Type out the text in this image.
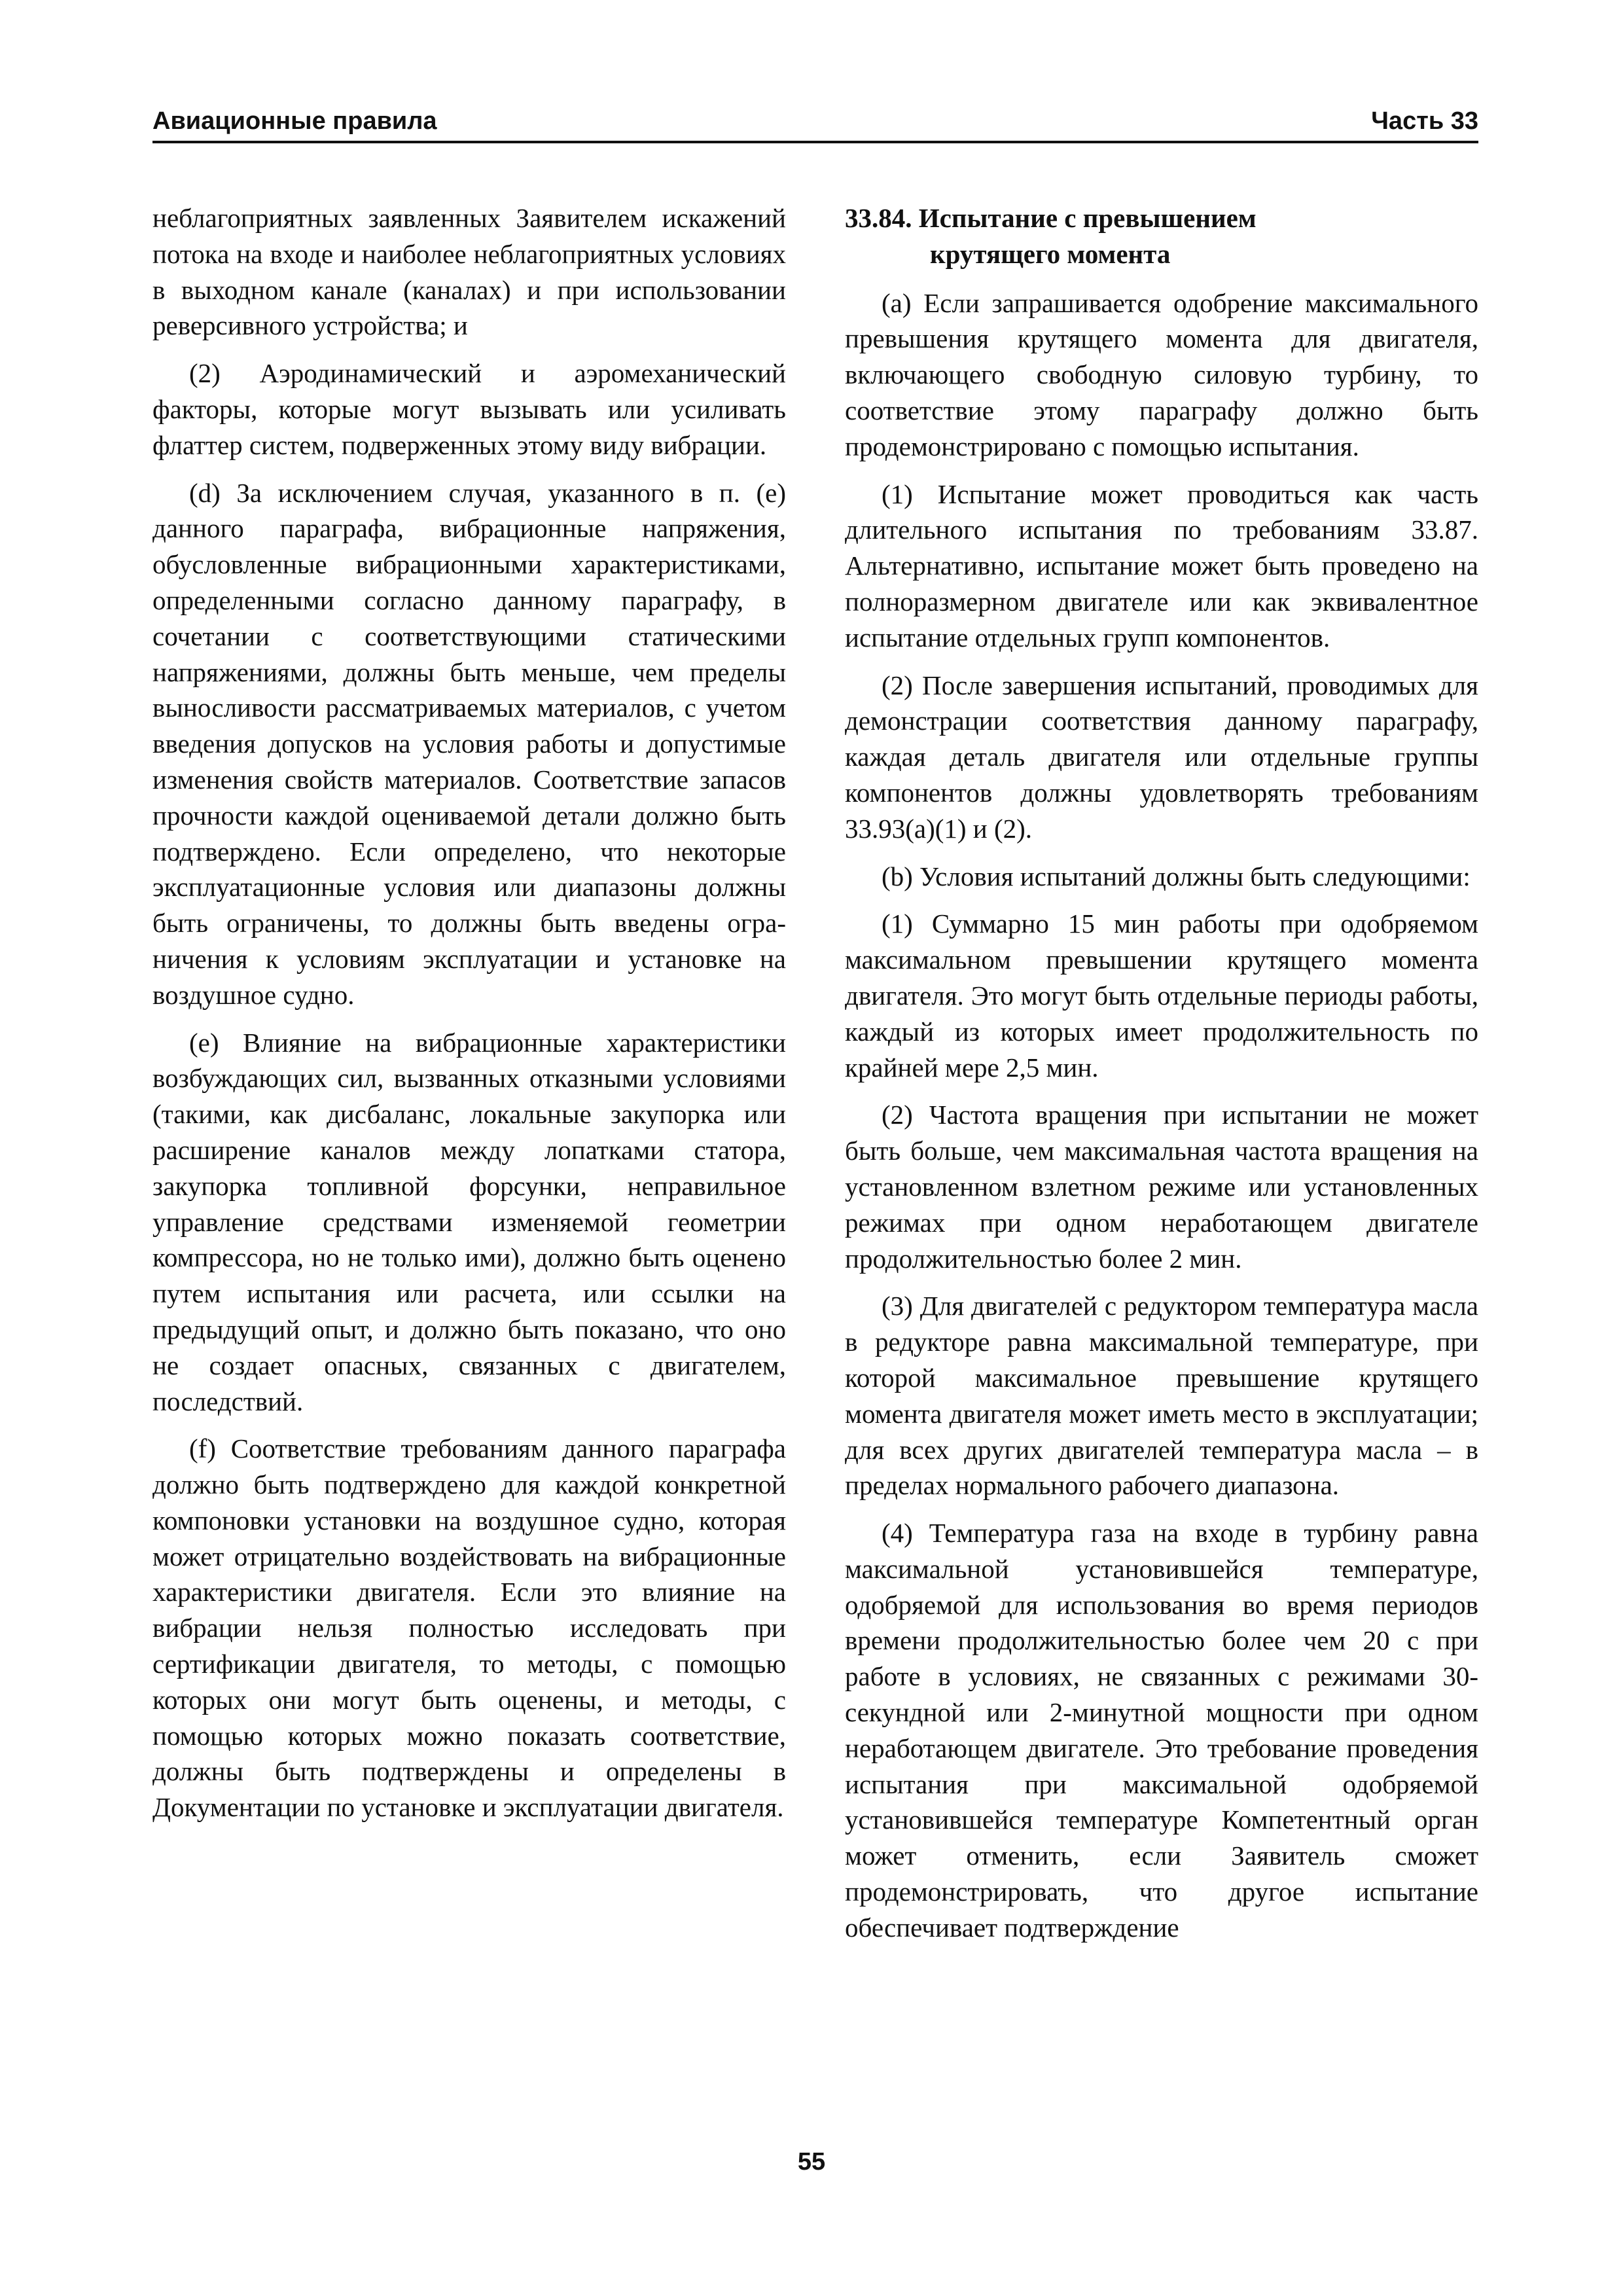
Авиационные правила	Часть 33

неблагоприятных заявленных Заявителем искажений потока на входе и наиболее неблагоприятных условиях в выходном канале (каналах) и при использовании реверсивного устройства; и

(2) Аэродинамический и аэромеханический факторы, которые могут вызывать или усиливать флаттер систем, подверженных этому виду вибрации.

(d) За исключением случая, указанного в п. (е) данного параграфа, вибрационные напряжения, обусловленные вибрационными характеристиками, определенными согласно данному параграфу, в сочетании с соответствующими статическими напряжениями, должны быть меньше, чем пределы выносливости рассматриваемых материалов, с учетом введения допусков на условия работы и допустимые изменения свойств материалов. Соответствие запасов прочности каждой оцениваемой детали должно быть подтверждено. Если определено, что некоторые эксплуатационные условия или диапазоны должны быть ограничены, то должны быть введены ограничения к условиям эксплуатации и установке на воздушное судно.

(е) Влияние на вибрационные характеристики возбуждающих сил, вызванных отказными условиями (такими, как дисбаланс, локальные закупорка или расширение каналов между лопатками статора, закупорка топливной форсунки, неправильное управление средствами изменяемой геометрии компрессора, но не только ими), должно быть оценено путем испытания или расчета, или ссылки на предыдущий опыт, и должно быть показано, что оно не создает опасных, связанных с двигателем, последствий.

(f) Соответствие требованиям данного параграфа должно быть подтверждено для каждой конкретной компоновки установки на воздушное судно, которая может отрицательно воздействовать на вибрационные характеристики двигателя. Если это влияние на вибрации нельзя полностью исследовать при сертификации двигателя, то методы, с помощью которых они могут быть оценены, и методы, с помощью которых можно показать соответствие, должны быть подтверждены и определены в Документации по установке и эксплуатации двигателя.

33.84. Испытание с превышением
крутящего момента

(а) Если запрашивается одобрение максимального превышения крутящего момента для двигателя, включающего свободную силовую турбину, то соответствие этому параграфу должно быть продемонстрировано с помощью испытания.

(1) Испытание может проводиться как часть длительного испытания по требованиям 33.87. Альтернативно, испытание может быть проведено на полноразмерном двигателе или как эквивалентное испытание отдельных групп компонентов.

(2) После завершения испытаний, проводимых для демонстрации соответствия данному параграфу, каждая деталь двигателя или отдельные группы компонентов должны удовлетворять требованиям 33.93(а)(1) и (2).

(b) Условия испытаний должны быть следующими:

(1) Суммарно 15 мин работы при одобряемом максимальном превышении крутящего момента двигателя. Это могут быть отдельные периоды работы, каждый из которых имеет продолжительность по крайней мере 2,5 мин.

(2) Частота вращения при испытании не может быть больше, чем максимальная частота вращения на установленном взлетном режиме или установленных режимах при одном неработающем двигателе продолжительностью более 2 мин.

(3) Для двигателей с редуктором температура масла в редукторе равна максимальной температуре, при которой максимальное превышение крутящего момента двигателя может иметь место в эксплуатации; для всех других двигателей температура масла – в пределах нормального рабочего диапазона.

(4) Температура газа на входе в турбину равна максимальной установившейся температуре, одобряемой для использования во время периодов времени продолжительностью более чем 20 с при работе в условиях, не связанных с режимами 30-секундной или 2-минутной мощности при одном неработающем двигателе. Это требование проведения испытания при максимальной одобряемой установившейся температуре Компетентный орган может отменить, если Заявитель сможет продемонстрировать, что другое испытание обеспечивает подтверждение

55
